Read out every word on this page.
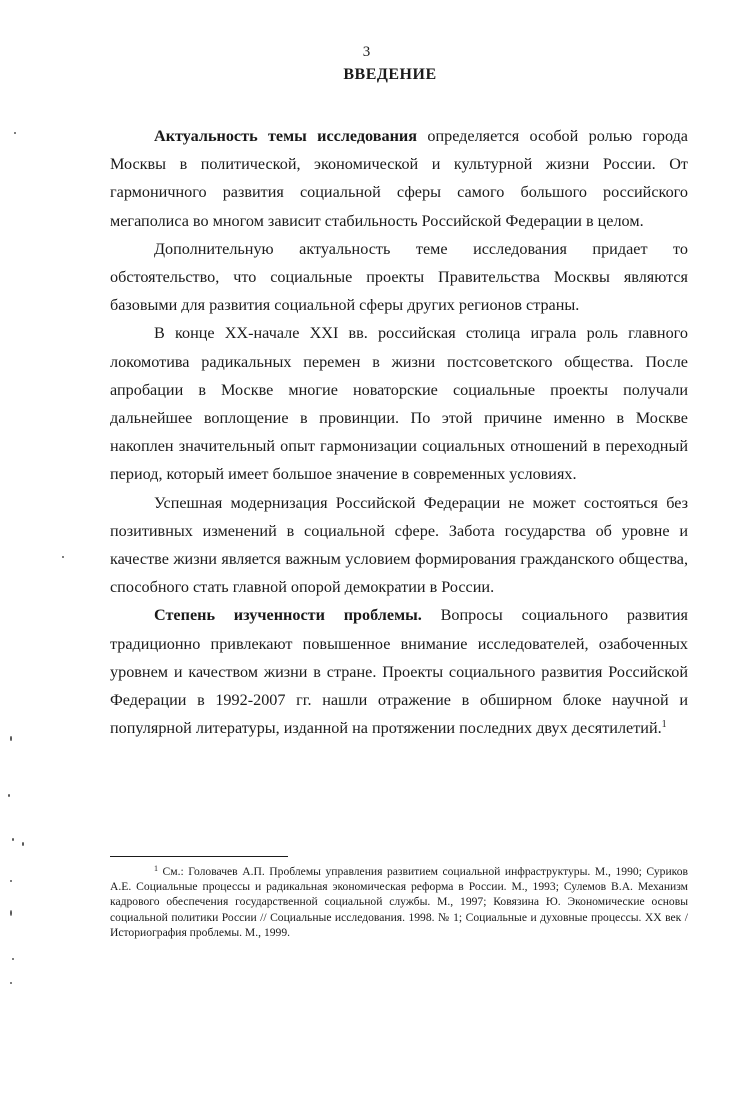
3
ВВЕДЕНИЕ

Актуальность темы исследования определяется особой ролью города Москвы в политической, экономической и культурной жизни России. От гармоничного развития социальной сферы самого большого российского мегаполиса во многом зависит стабильность Российской Федерации в целом.

Дополнительную актуальность теме исследования придает то обстоятельство, что социальные проекты Правительства Москвы являются базовыми для развития социальной сферы других регионов страны.

В конце XX-начале XXI вв. российская столица играла роль главного локомотива радикальных перемен в жизни постсоветского общества. После апробации в Москве многие новаторские социальные проекты получали дальнейшее воплощение в провинции. По этой причине именно в Москве накоплен значительный опыт гармонизации социальных отношений в переходный период, который имеет большое значение в современных условиях.

Успешная модернизация Российской Федерации не может состояться без позитивных изменений в социальной сфере. Забота государства об уровне и качестве жизни является важным условием формирования гражданского общества, способного стать главной опорой демократии в России.

Степень изученности проблемы. Вопросы социального развития традиционно привлекают повышенное внимание исследователей, озабоченных уровнем и качеством жизни в стране. Проекты социального развития Российской Федерации в 1992-2007 гг. нашли отражение в обширном блоке научной и популярной литературы, изданной на протяжении последних двух десятилетий.$^1$

$^1$ См.: Головачев А.П. Проблемы управления развитием социальной инфраструктуры. М., 1990; Суриков А.Е. Социальные процессы и радикальная экономическая реформа в России. М., 1993; Сулемов В.А. Механизм кадрового обеспечения государственной социальной службы. М., 1997; Ковязина Ю. Экономические основы социальной политики России // Социальные исследования. 1998. № 1; Социальные и духовные процессы. XX век / Историография проблемы. М., 1999.
